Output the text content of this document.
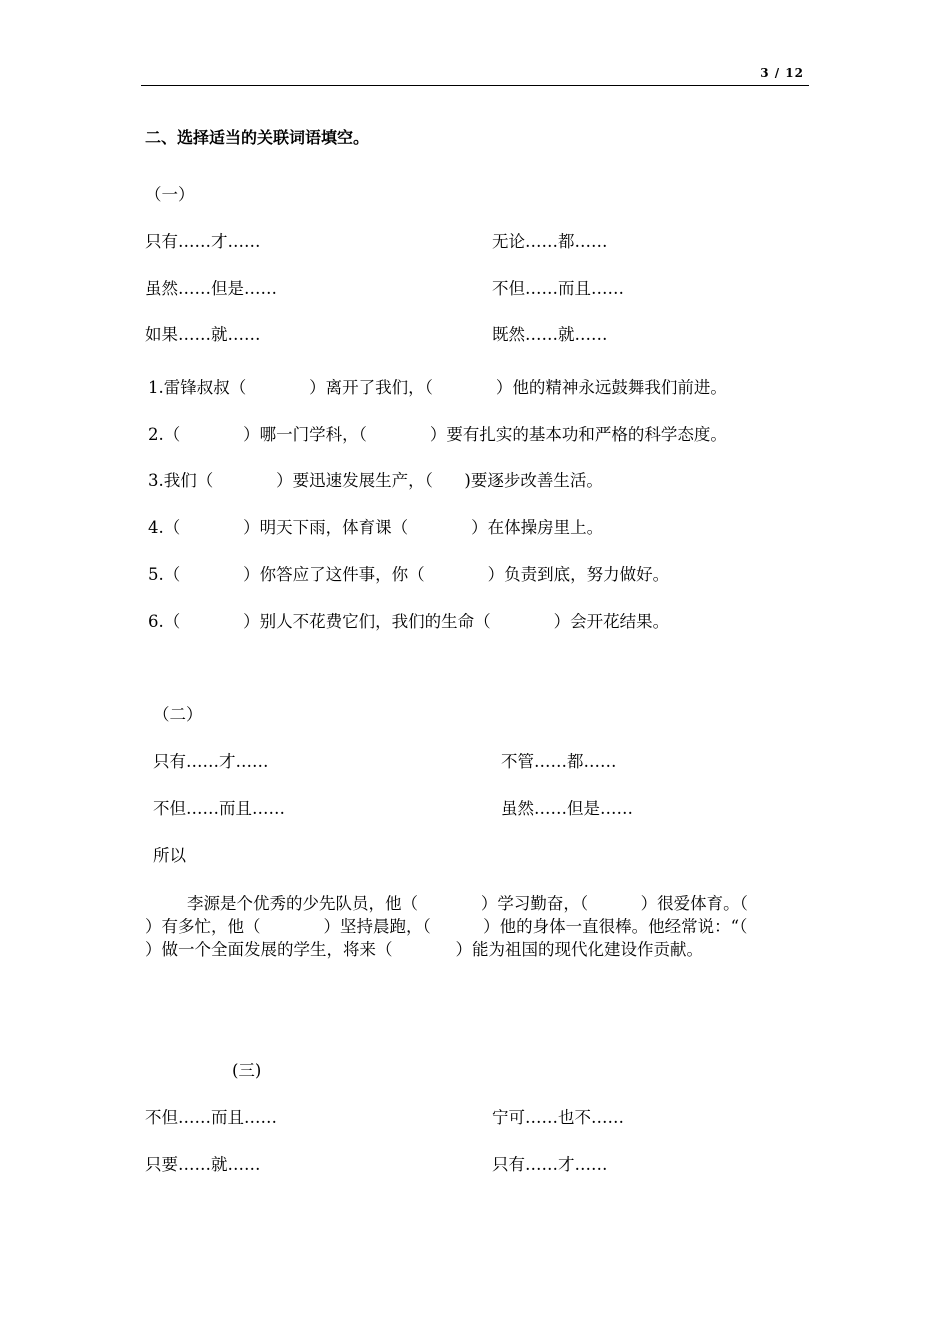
3 / 12
二、选择适当的关联词语填空。
（一）
只有……才……	无论……都……
虽然……但是……	不但……而且……
如果……就……	既然……就……
1.雷锋叔叔（            ）离开了我们，（            ）他的精神永远鼓舞我们前进。
2.（            ）哪一门学科，（            ）要有扎实的基本功和严格的科学态度。
3.我们（            ）要迅速发展生产，（      )要逐步改善生活。
4.（            ）明天下雨，体育课（            ）在体操房里上。
5.（            ）你答应了这件事，你（            ）负责到底，努力做好。
6.（            ）别人不花费它们，我们的生命（            ）会开花结果。
（二）
只有……才……	不管……都……
不但……而且……	虽然……但是……
所以

李源是个优秀的少先队员，他（            ）学习勤奋，（          ）很爱体育。（            ）有多忙，他（            ）坚持晨跑，（          ）他的身体一直很棒。他经常说：“（            ）做一个全面发展的学生，将来（            ）能为祖国的现代化建设作贡献。

(三)
不但……而且……	宁可……也不……
只要……就……	只有……才……
